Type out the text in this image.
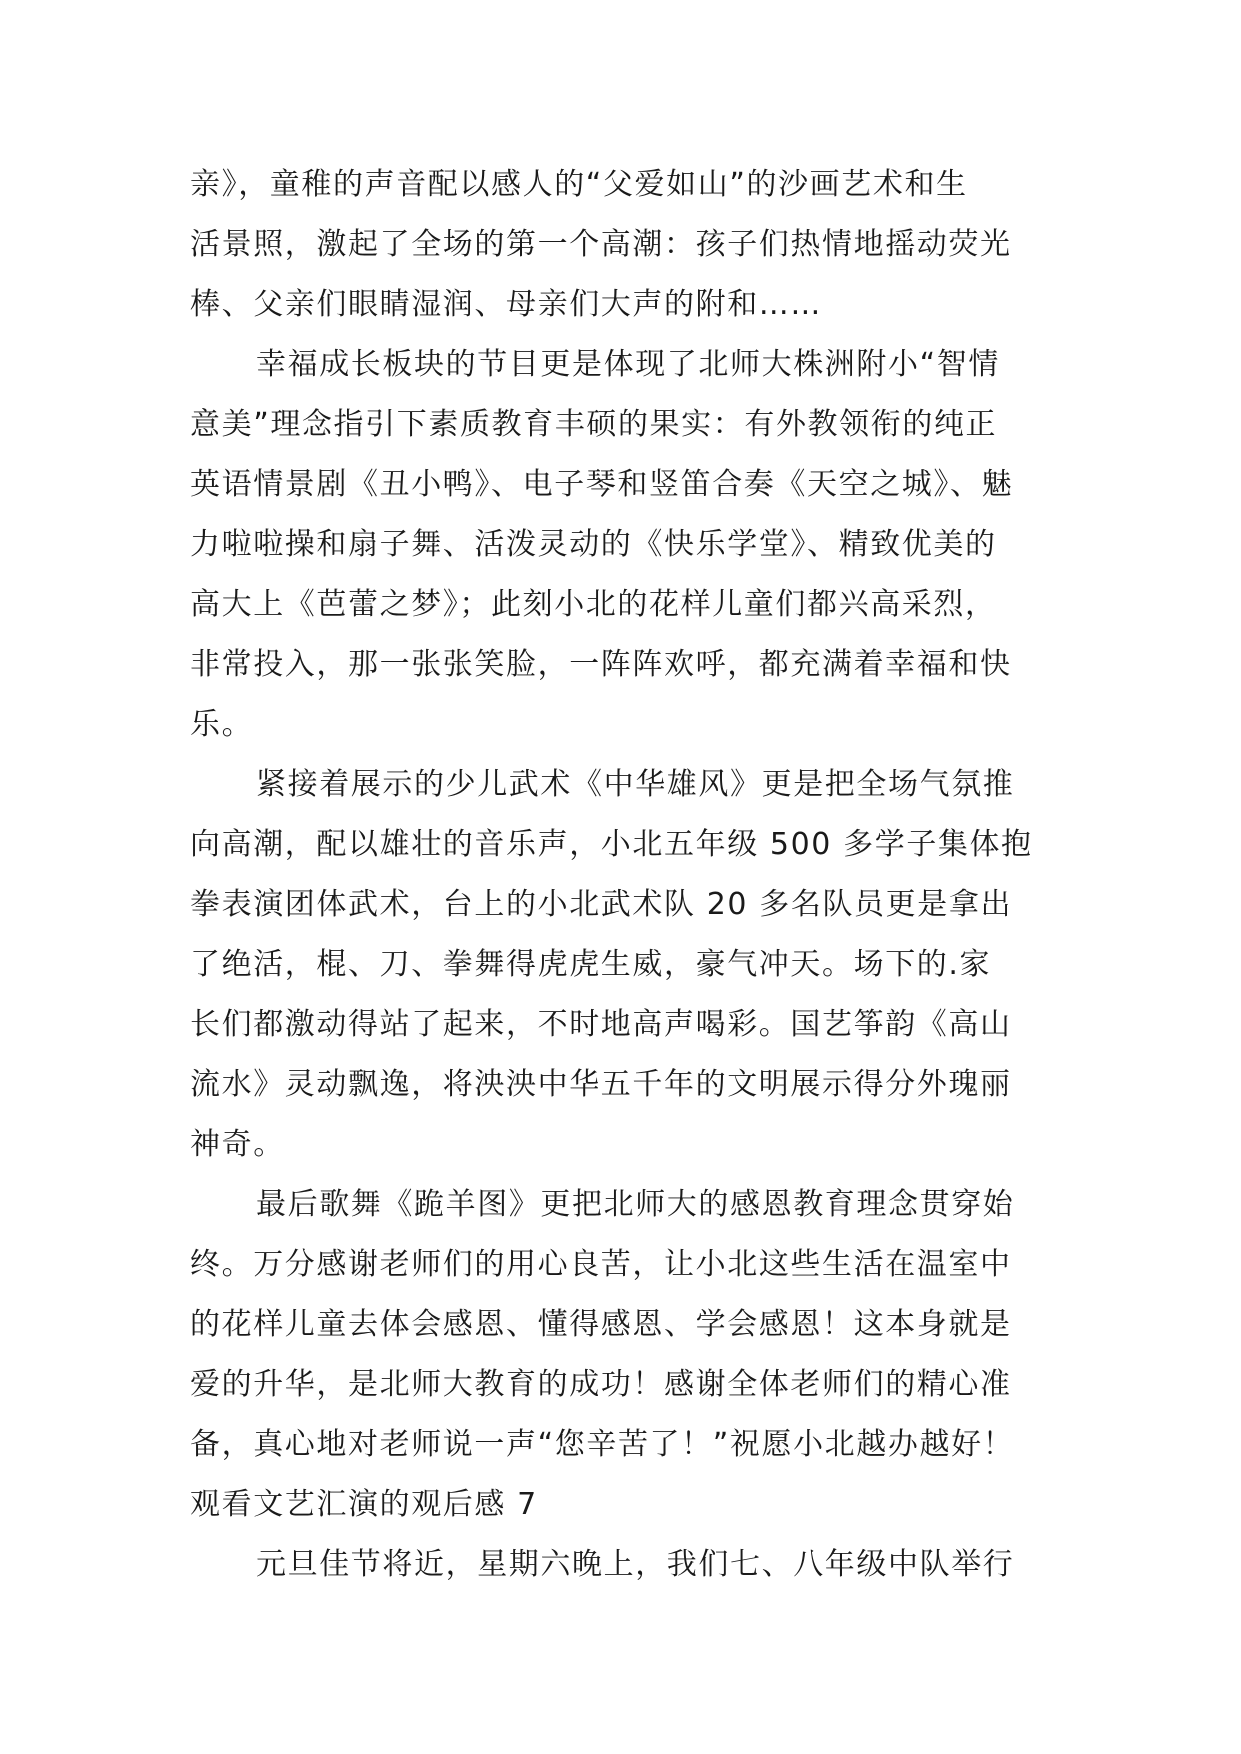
亲》，童稚的声音配以感人的“父爱如山”的沙画艺术和生
活景照，激起了全场的第一个高潮：孩子们热情地摇动荧光
棒、父亲们眼睛湿润、母亲们大声的附和……
幸福成长板块的节目更是体现了北师大株洲附小“智情
意美”理念指引下素质教育丰硕的果实：有外教领衔的纯正
英语情景剧《丑小鸭》、电子琴和竖笛合奏《天空之城》、魅
力啦啦操和扇子舞、活泼灵动的《快乐学堂》、精致优美的
高大上《芭蕾之梦》；此刻小北的花样儿童们都兴高采烈，
非常投入，那一张张笑脸，一阵阵欢呼，都充满着幸福和快
乐。
紧接着展示的少儿武术《中华雄风》更是把全场气氛推
向高潮，配以雄壮的音乐声，小北五年级 500 多学子集体抱
拳表演团体武术，台上的小北武术队 20 多名队员更是拿出
了绝活，棍、刀、拳舞得虎虎生威，豪气冲天。场下的.家
长们都激动得站了起来，不时地高声喝彩。国艺筝韵《高山
流水》灵动飘逸，将泱泱中华五千年的文明展示得分外瑰丽
神奇。
最后歌舞《跪羊图》更把北师大的感恩教育理念贯穿始
终。万分感谢老师们的用心良苦，让小北这些生活在温室中
的花样儿童去体会感恩、懂得感恩、学会感恩！这本身就是
爱的升华，是北师大教育的成功！感谢全体老师们的精心准
备，真心地对老师说一声“您辛苦了！”祝愿小北越办越好！
观看文艺汇演的观后感 7
元旦佳节将近，星期六晚上，我们七、八年级中队举行
